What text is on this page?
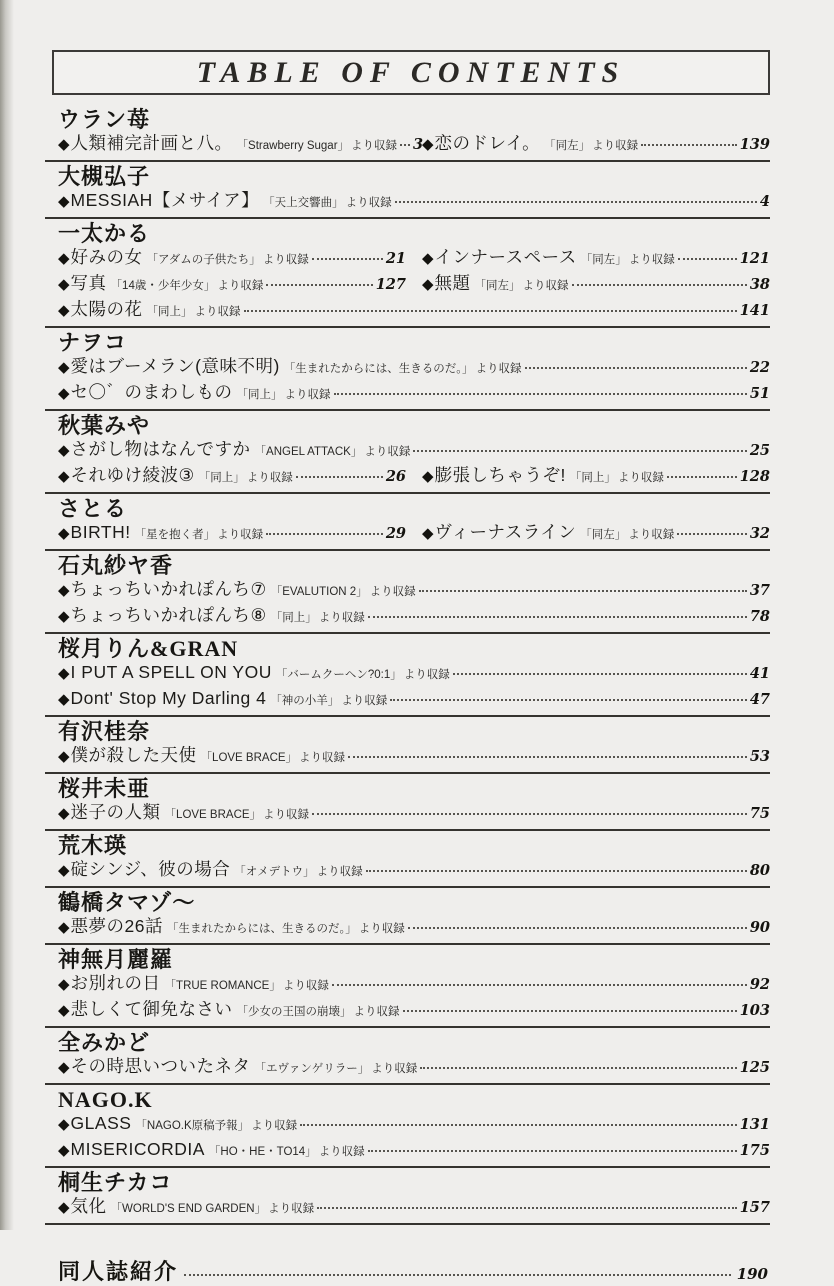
TABLE OF CONTENTS
ウラン苺
◆ 人類補完計画と八。 「Strawberry Sugar」 より収録 3
◆ 恋のドレイ。 「同左」 より収録	139
大槻弘子
◆ MESSIAH【メサイア】 「天上交響曲」 より収録	4
一太かる
◆ 好みの女 「アダムの子供たち」 より収録	21 ◆ インナースペース 「同左」 より収録	121
◆ 写真 「14歳・少年少女」 より収録	127 ◆ 無題 「同左」 より収録	38
◆ 太陽の花 「同上」 より収録	141
ナヲコ
◆ 愛はブーメラン(意味不明) 「生まれたからには、生きるのだ。」 より収録	22
◆ セ〇゛のまわしもの 「同上」 より収録	51
秋葉みや
◆ さがし物はなんですか 「ANGEL ATTACK」 より収録	25
◆ それゆけ綾波③ 「同上」 より収録	26 ◆ 膨張しちゃうぞ! 「同上」 より収録	128
さとる
◆ BIRTH! 「星を抱く者」 より収録	29 ◆ ヴィーナスライン 「同左」 より収録	32
石丸紗ヤ香
◆ ちょっちいかれぽんち⑦ 「EVALUTION 2」 より収録	37
◆ ちょっちいかれぽんち⑧ 「同上」 より収録	78
桜月りん&GRAN
◆ I PUT A SPELL ON YOU 「バームクーヘン?0:1」 より収録	41
◆ Dont' Stop My Darling 4 「神の小羊」 より収録	47
有沢桂奈
◆ 僕が殺した天使 「LOVE BRACE」 より収録	53
桜井未亜
◆ 迷子の人類 「LOVE BRACE」 より収録	75
荒木瑛
◆ 碇シンジ、彼の場合 「オメデトウ」 より収録	80
鶴橋タマゾ～
◆ 悪夢の26話 「生まれたからには、生きるのだ。」 より収録	90
神無月麗羅
◆ お別れの日 「TRUE ROMANCE」 より収録	92
◆ 悲しくて御免なさい 「少女の王国の崩壊」 より収録	103
全みかど
◆ その時思いついたネタ 「エヴァンゲリラー」 より収録	125
NAGO.K
◆ GLASS 「NAGO.K原稿予報」 より収録	131
◆ MISERICORDIA 「HO・HE・TO14」 より収録	175
桐生チカコ
◆ 気化 「WORLD'S END GARDEN」 より収録	157
同人誌紹介	190
